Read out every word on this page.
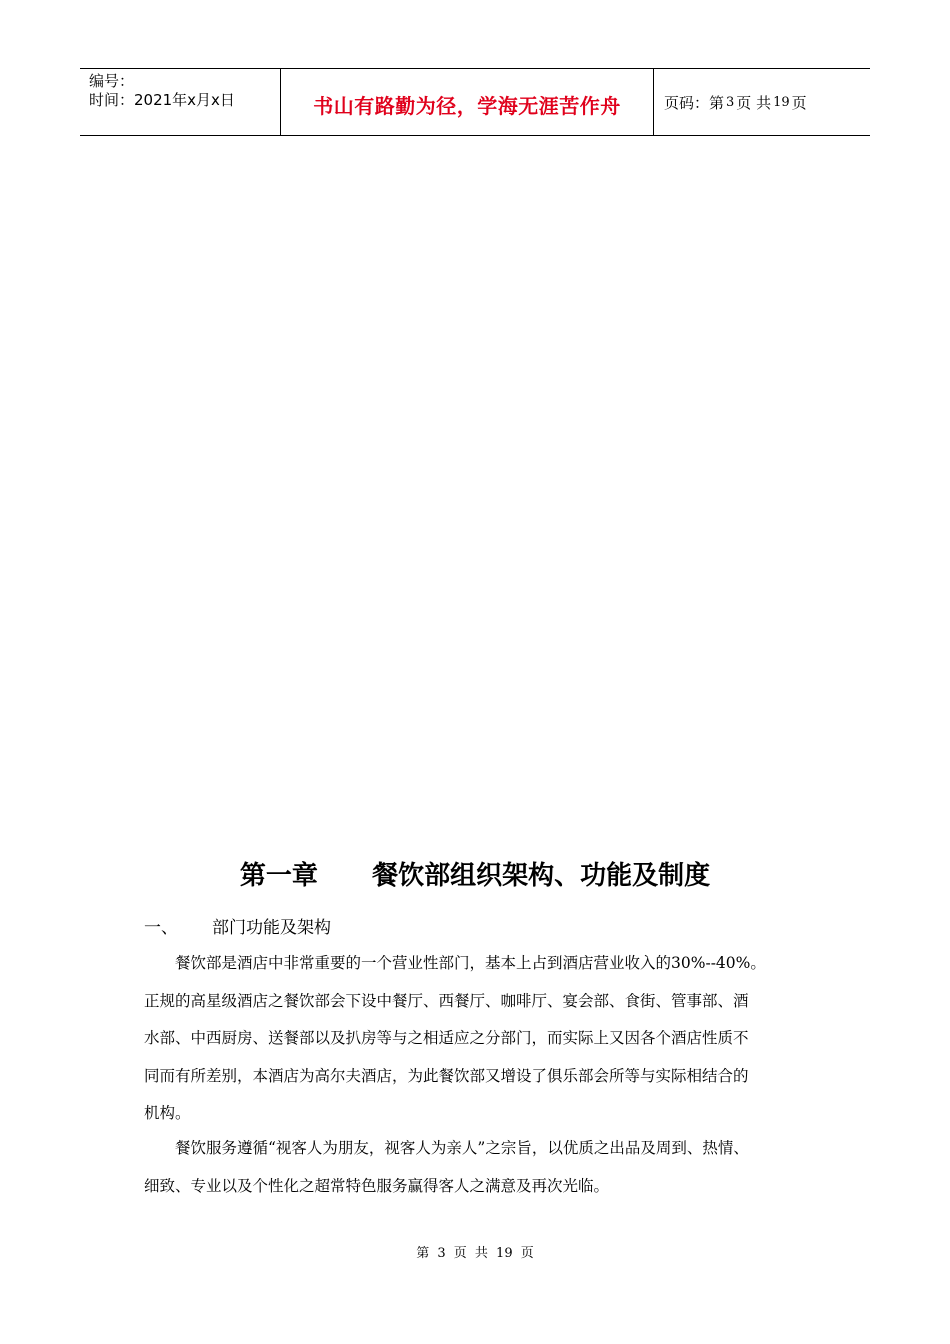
编号：
时间：2021年x月x日	书山有路勤为径，学海无涯苦作舟	页码：第 3 页 共 19 页
第一章      餐饮部组织架构、功能及制度
一、 部门功能及架构
　　餐饮部是酒店中非常重要的一个营业性部门，基本上占到酒店营业收入的30%--40%。
正规的高星级酒店之餐饮部会下设中餐厅、西餐厅、咖啡厅、宴会部、食街、管事部、酒
水部、中西厨房、送餐部以及扒房等与之相适应之分部门，而实际上又因各个酒店性质不
同而有所差别，本酒店为高尔夫酒店，为此餐饮部又增设了俱乐部会所等与实际相结合的
机构。
　　餐饮服务遵循“视客人为朋友，视客人为亲人”之宗旨，以优质之出品及周到、热情、
细致、专业以及个性化之超常特色服务赢得客人之满意及再次光临。
第 3 页 共 19 页
